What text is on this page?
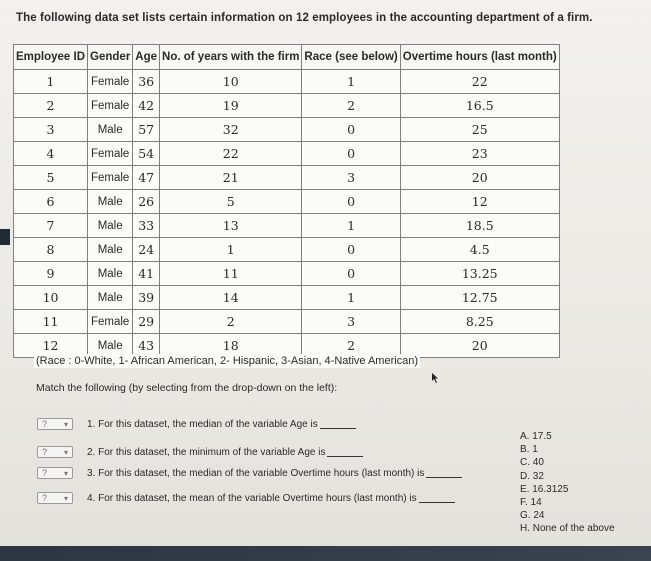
The following data set lists certain information on 12 employees in the accounting department of a firm.
Employee ID	Gender	Age	No. of years with the firm	Race (see below)	Overtime hours (last month)
1	Female	36	10	1	22
2	Female	42	19	2	16.5
3	Male	57	32	0	25
4	Female	54	22	0	23
5	Female	47	21	3	20
6	Male	26	5	0	12
7	Male	33	13	1	18.5
8	Male	24	1	0	4.5
9	Male	41	11	0	13.25
10	Male	39	14	1	12.75
11	Female	29	2	3	8.25
12	Male	43	18	2	20
(Race : 0-White, 1- African American, 2- Hispanic, 3-Asian, 4-Native American)
Match the following (by selecting from the drop-down on the left):
? ▾ 1. For this dataset, the median of the variable Age is
? ▾ 2. For this dataset, the minimum of the variable Age is
? ▾ 3. For this dataset, the median of the variable Overtime hours (last month) is
? ▾ 4. For this dataset, the mean of the variable Overtime hours (last month) is
A. 17.5
B. 1
C. 40
D. 32
E. 16.3125
F. 14
G. 24
H. None of the above
